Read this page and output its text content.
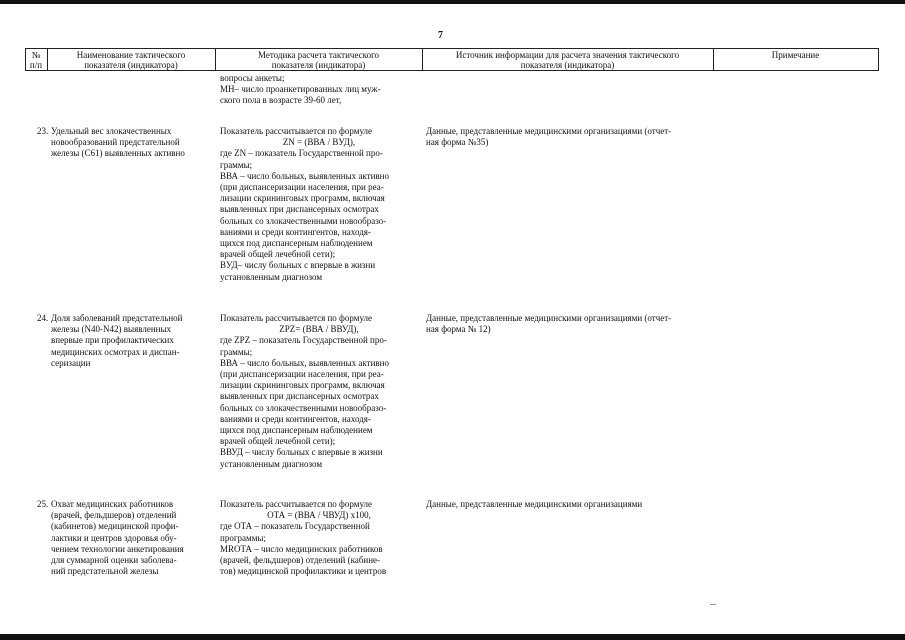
7
№
п/п
Наименование тактического
показателя (индикатора)
Методика расчета тактического
показателя (индикатора)
Источник информации для расчета значения тактического
показателя (индикатора)
Примечание
вопросы анкеты;
MН– число проанкетированных лиц муж-
ского пола в возрасте 39-60 лет,
23. Удельный вес злокачественных
новообразований предстательной
железы (С61) выявленных активно
Показатель рассчитывается по формуле
ZN = (BВА / BУД),
где ZN – показатель Государственной про-
граммы;
BВА – число больных, выявленных активно
(при диспансеризации населения, при реа-
лизации скрининговых программ, включая
выявленных при диспансерных осмотрах
больных со злокачественными новообразо-
ваниями и среди контингентов, находя-
щихся под диспансерным наблюдением
врачей общей лечебной сети);
BУД– числу больных с впервые в жизни
установленным диагнозом
Данные, представленные медицинскими организациями (отчет-
ная форма №35)
24. Доля заболеваний предстательной
железы (N40-N42) выявленных
впервые при профилактических
медицинских осмотрах и диспан-
серизации
Показатель рассчитывается по формуле
ZPZ= (BВА / BВУД),
где ZPZ – показатель Государственной про-
граммы;
BВА – число больных, выявленных активно
(при диспансеризации населения, при реа-
лизации скрининговых программ, включая
выявленных при диспансерных осмотрах
больных со злокачественными новообразо-
ваниями и среди контингентов, находя-
щихся под диспансерным наблюдением
врачей общей лечебной сети);
BВУД – числу больных с впервые в жизни
установленным диагнозом
Данные, представленные медицинскими организациями (отчет-
ная форма № 12)
25. Охват медицинских работников
(врачей, фельдшеров) отделений
(кабинетов) медицинской профи-
лактики и центров здоровья обу-
чением технологии анкетирования
для суммарной оценки заболева-
ний предстательной железы
Показатель рассчитывается по формуле
OТА = (BВА / ЧВУД) x100,
где OТА – показатель Государственной
программы;
MRОТА – число медицинских работников
(врачей, фельдшеров) отделений (кабине-
тов) медицинской профилактики и центров
Данные, представленные медицинскими организациями
